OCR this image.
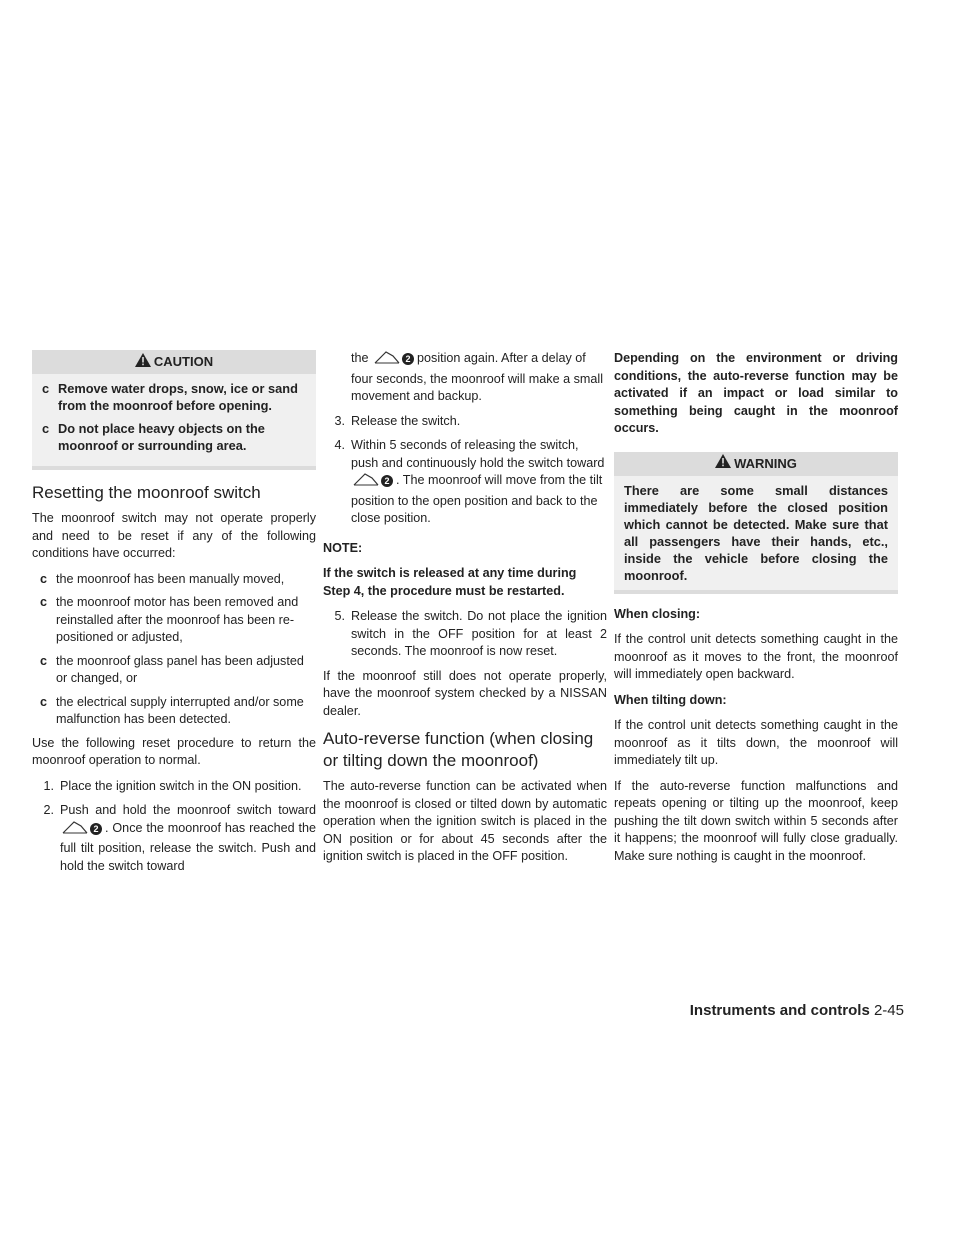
CAUTION
c Remove water drops, snow, ice or sand from the moonroof before opening.
c Do not place heavy objects on the moonroof or surrounding area.
Resetting the moonroof switch

The moonroof switch may not operate properly and need to be reset if any of the following conditions have occurred:

c the moonroof has been manually moved,
c the moonroof motor has been removed and reinstalled after the moonroof has been re-positioned or adjusted,
c the moonroof glass panel has been adjusted or changed, or
c the electrical supply interrupted and/or some malfunction has been detected.

Use the following reset procedure to return the moonroof operation to normal.

1. Place the ignition switch in the ON position.
2. Push and hold the moonroof switch toward 2 . Once the moonroof has reached the full tilt position, release the switch. Push and hold the switch toward
the	2 position again. After a delay of four seconds, the moonroof will make a small movement and backup.
3. Release the switch.
4. Within 5 seconds of releasing the switch, push and continuously hold the switch toward 2 . The moonroof will move from the tilt position to the open position and back to the close position.

NOTE:

If the switch is released at any time during Step 4, the procedure must be restarted.

5. Release the switch. Do not place the ignition switch in the OFF position for at least 2 seconds. The moonroof is now reset.

If the moonroof still does not operate properly, have the moonroof system checked by a NISSAN dealer.

Auto-reverse function (when closing or tilting down the moonroof)

The auto-reverse function can be activated when the moonroof is closed or tilted down by automatic operation when the ignition switch is placed in the ON position or for about 45 seconds after the ignition switch is placed in the OFF position.

Depending on the environment or driving conditions, the auto-reverse function may be activated if an impact or load similar to something being caught in the moonroof occurs.

WARNING
There are some small distances immediately before the closed position which cannot be detected. Make sure that all passengers have their hands, etc., inside the vehicle before closing the moonroof.

When closing:

If the control unit detects something caught in the moonroof as it moves to the front, the moonroof will immediately open backward.

When tilting down:

If the control unit detects something caught in the moonroof as it tilts down, the moonroof will immediately tilt up.

If the auto-reverse function malfunctions and repeats opening or tilting up the moonroof, keep pushing the tilt down switch within 5 seconds after it happens; the moonroof will fully close gradually. Make sure nothing is caught in the moonroof.

Instruments and controls 2-45
